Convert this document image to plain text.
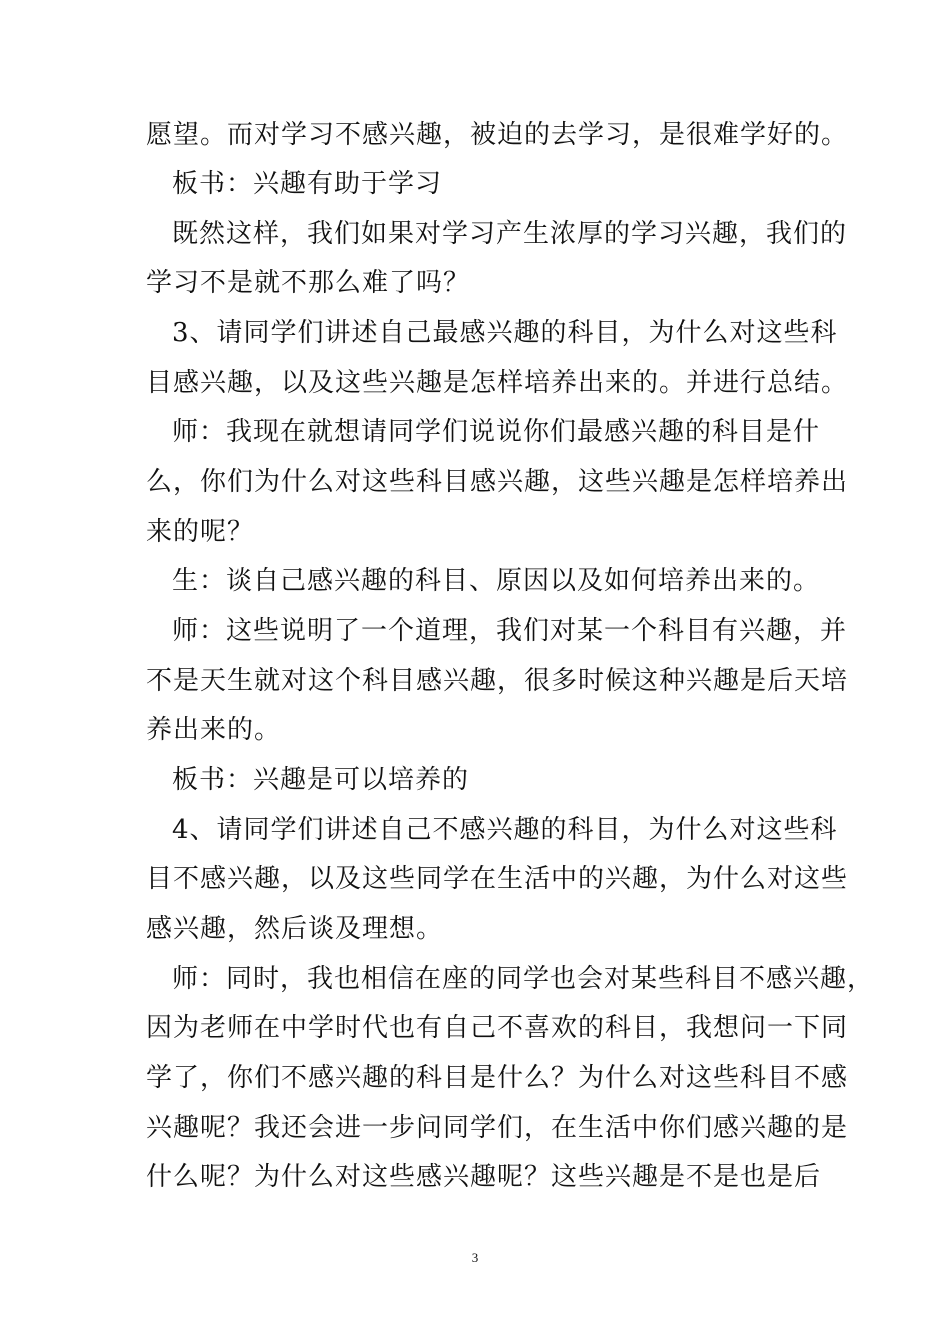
愿望。而对学习不感兴趣，被迫的去学习，是很难学好的。
板书：兴趣有助于学习
既然这样，我们如果对学习产生浓厚的学习兴趣，我们的
学习不是就不那么难了吗？
3、请同学们讲述自己最感兴趣的科目，为什么对这些科
目感兴趣，以及这些兴趣是怎样培养出来的。并进行总结。
师：我现在就想请同学们说说你们最感兴趣的科目是什
么，你们为什么对这些科目感兴趣，这些兴趣是怎样培养出
来的呢？
生：谈自己感兴趣的科目、原因以及如何培养出来的。
师：这些说明了一个道理，我们对某一个科目有兴趣，并
不是天生就对这个科目感兴趣，很多时候这种兴趣是后天培
养出来的。
板书：兴趣是可以培养的
4、请同学们讲述自己不感兴趣的科目，为什么对这些科
目不感兴趣，以及这些同学在生活中的兴趣，为什么对这些
感兴趣，然后谈及理想。
师：同时，我也相信在座的同学也会对某些科目不感兴趣，
因为老师在中学时代也有自己不喜欢的科目，我想问一下同
学了，你们不感兴趣的科目是什么？为什么对这些科目不感
兴趣呢？我还会进一步问同学们，在生活中你们感兴趣的是
什么呢？为什么对这些感兴趣呢？这些兴趣是不是也是后
3
